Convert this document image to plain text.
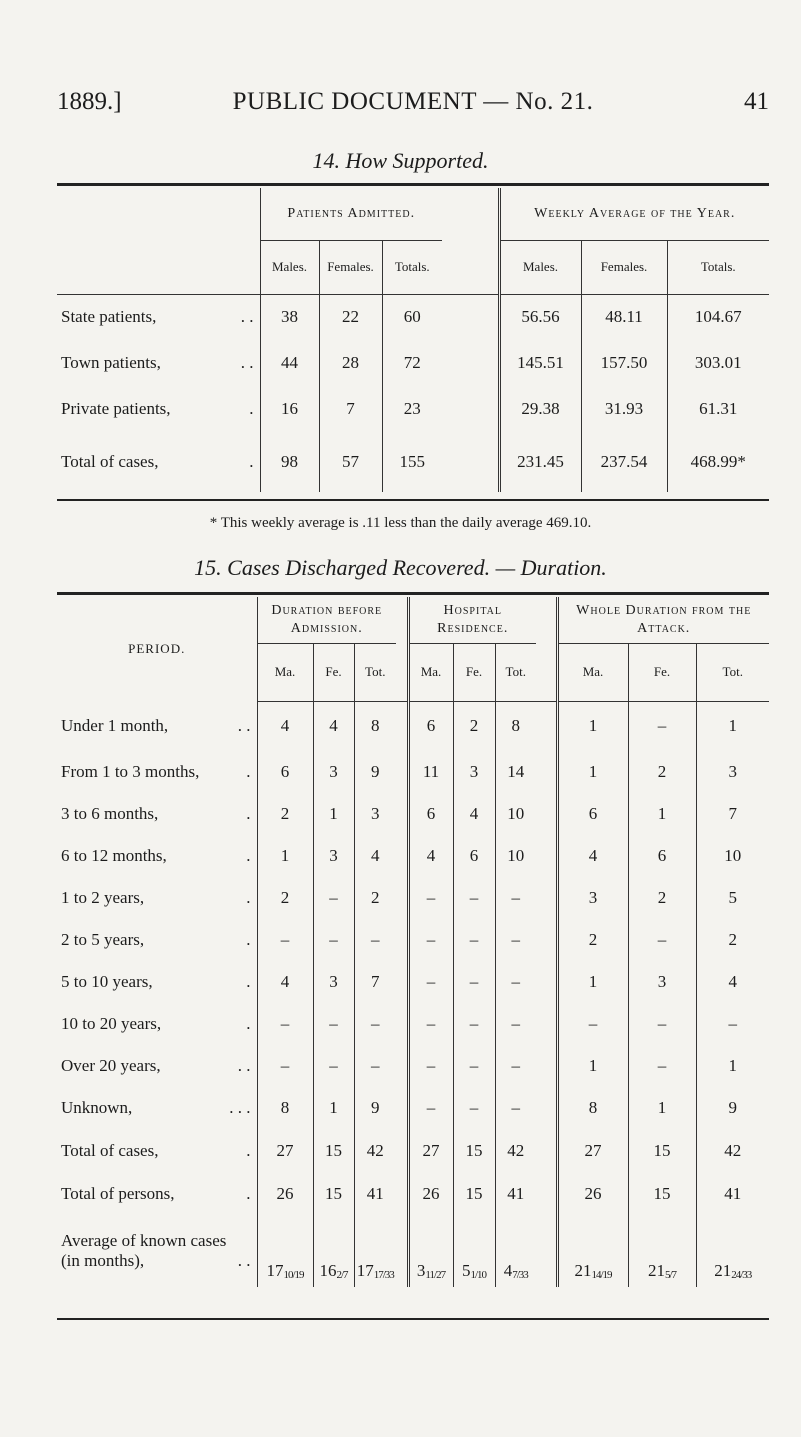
1889.]	PUBLIC DOCUMENT — No. 21.	41
14. How Supported.
	Patients Admitted.				Weekly Average of the Year.		
	Males.	Females.	Totals.		Males.	Females.	Totals.

. .
State patients,	38	22	60		56.56	48.11	104.67

. .
Town patients,	44	28	72		145.51	157.50	303.01

.
Private patients,	16	7	23		29.38	31.93	61.31

.
Total of cases,	98	57	155		231.45	237.54	468.99*
* This weekly average is .11 less than the daily average 469.10.
15. Cases Discharged Recovered. — Duration.
PERIOD.	Duration before Admission.				Hospital Residence.				Whole Duration from the Attack.		
	Ma.	Fe.	Tot.		Ma.	Fe.	Tot.		Ma.	Fe.	Tot.

. .
Under 1 month,	4	4	8		6	2	8		1	–	1

.
From 1 to 3 months,	6	3	9		11	3	14		1	2	3

.
3 to 6 months,	2	1	3		6	4	10		6	1	7

.
6 to 12 months,	1	3	4		4	6	10		4	6	10

.
1 to 2 years,	2	–	2		–	–	–		3	2	5

.
2 to 5 years,	–	–	–		–	–	–		2	–	2

.
5 to 10 years,	4	3	7		–	–	–		1	3	4

.
10 to 20 years,	–	–	–		–	–	–		–	–	–

. .
Over 20 years,	–	–	–		–	–	–		1	–	1

. . .
Unknown,	8	1	9		–	–	–		8	1	9

.
Total of cases,	27	15	42		27	15	42		27	15	42

.
Total of persons,	26	15	41		26	15	41		26	15	41

Average of known cases
. .
(in months),	1710/19	162/7	1717/33		311/27	51/10	47/33		2114/19	215/7	2124/33
